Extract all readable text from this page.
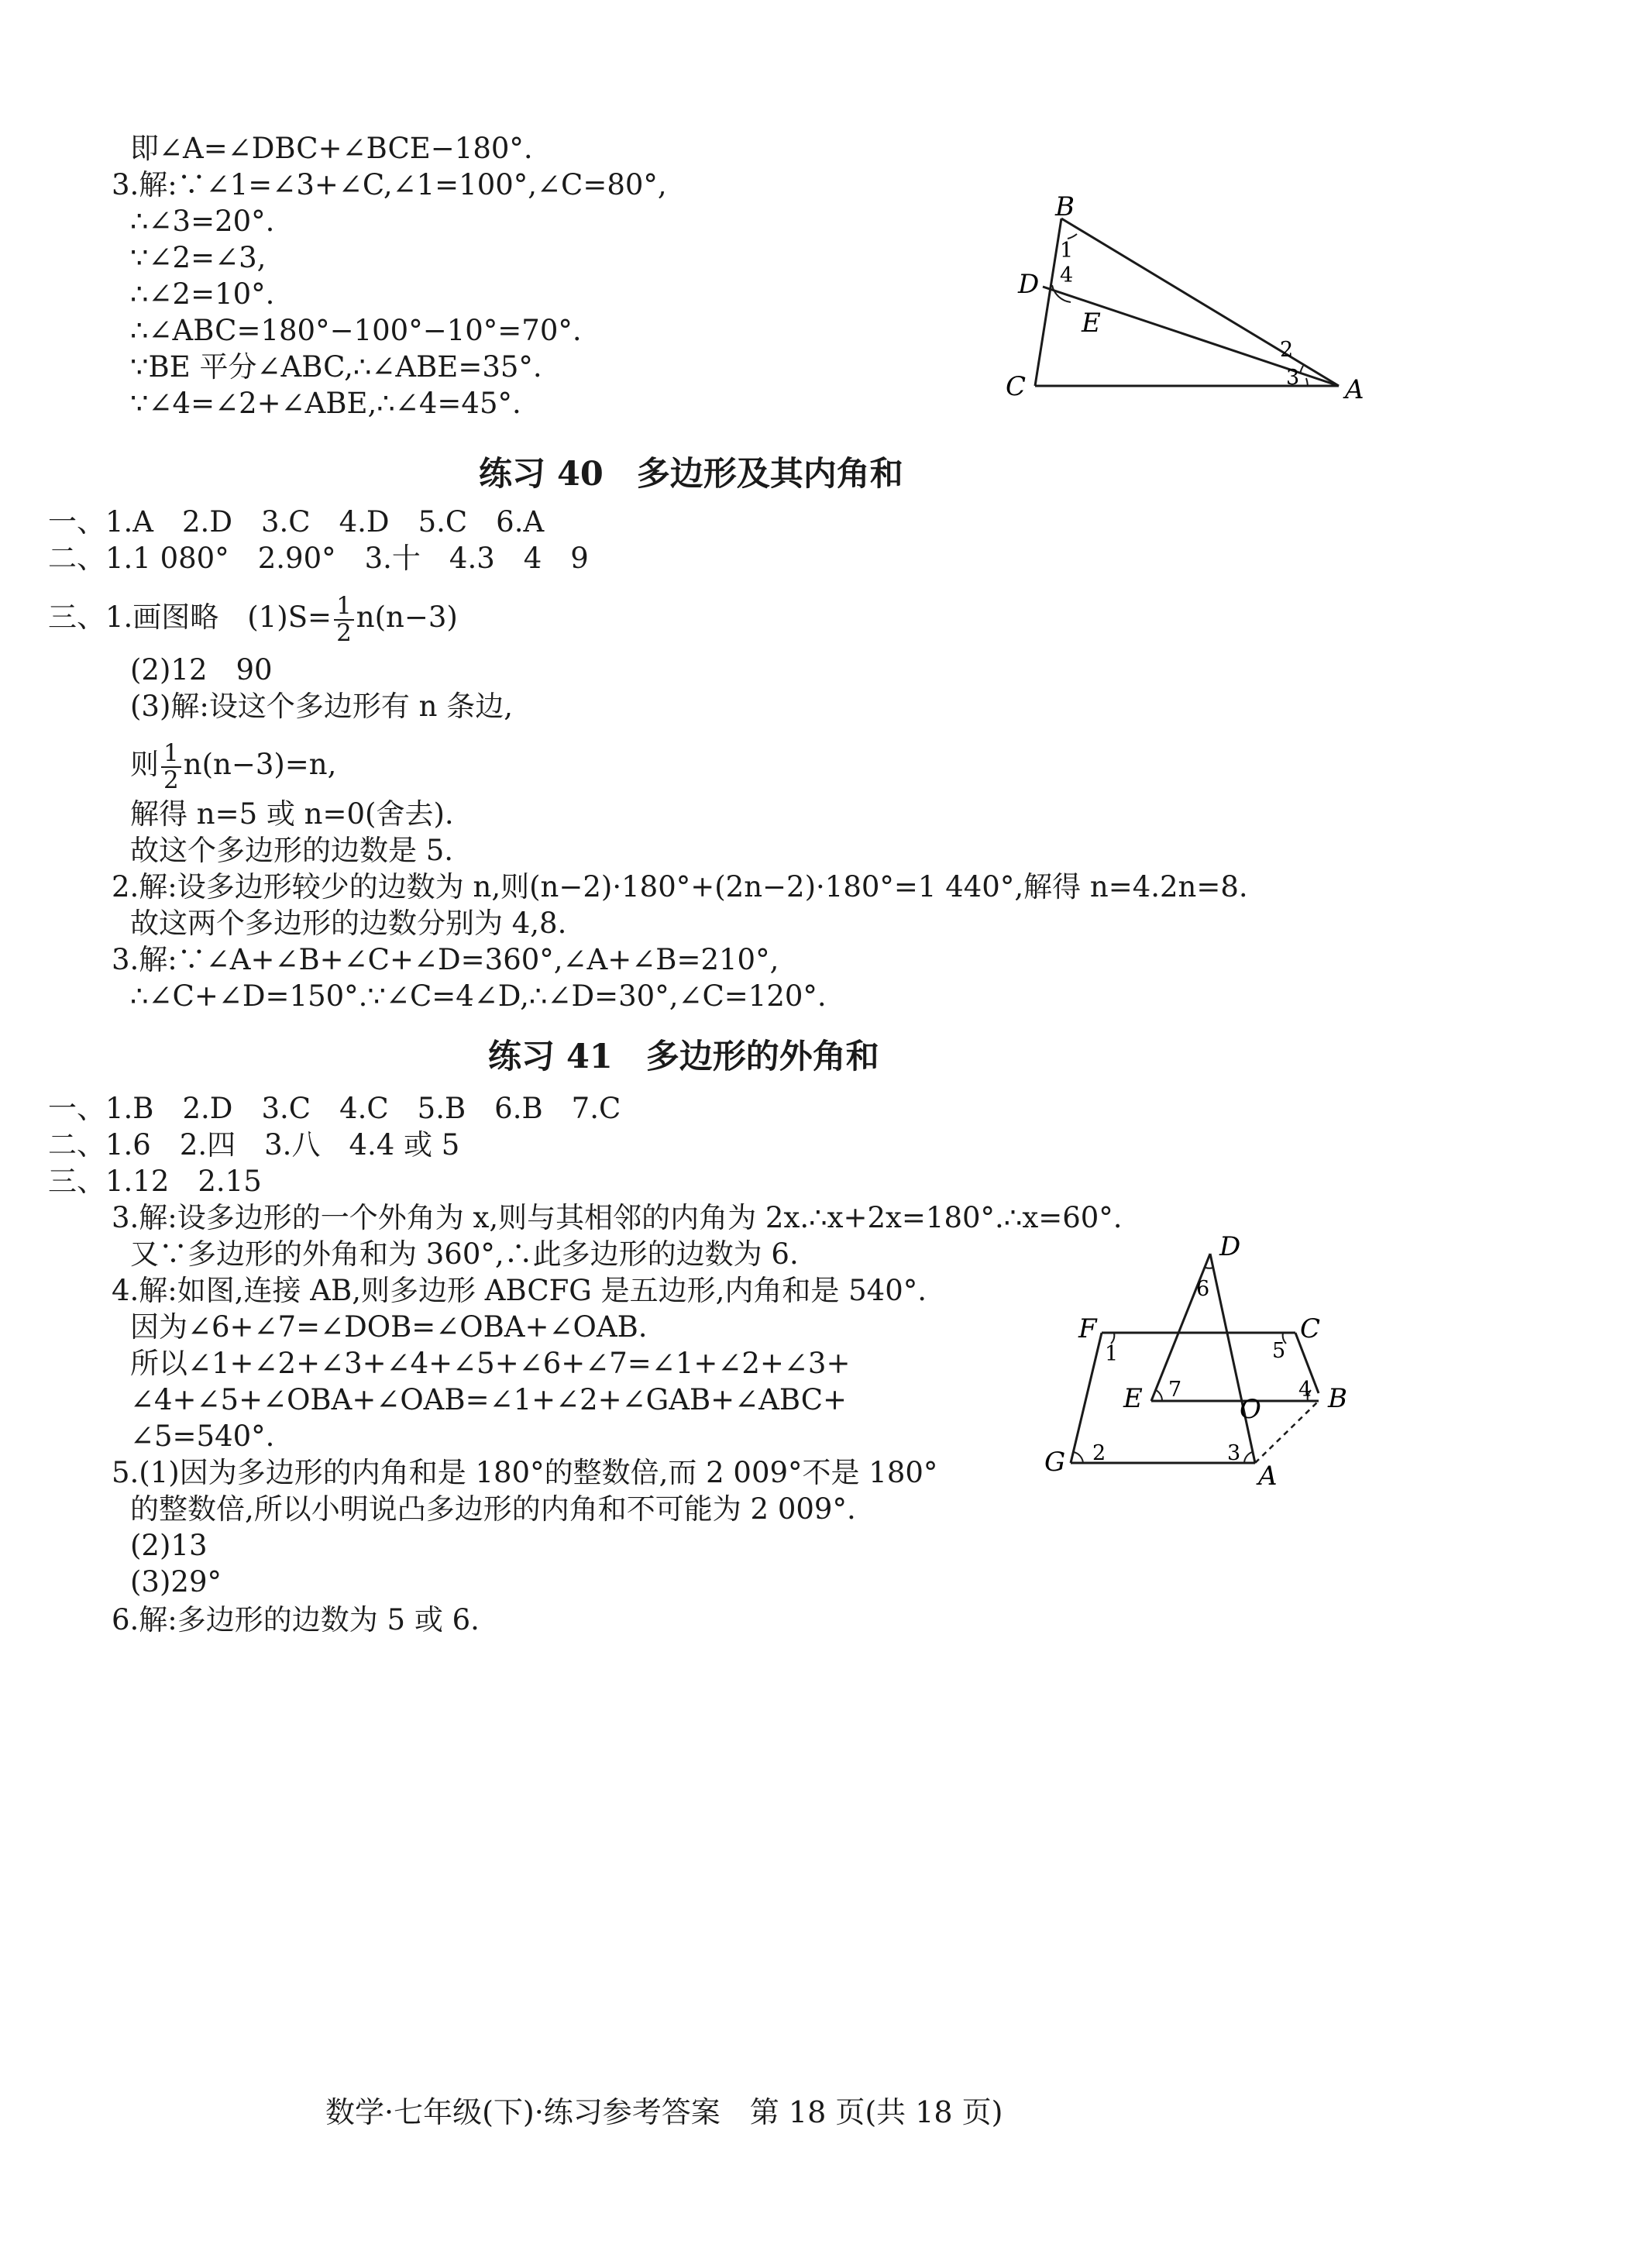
即∠A=∠DBC+∠BCE−180°.
3.解:∵∠1=∠3+∠C,∠1=100°,∠C=80°,
∴∠3=20°.
∵∠2=∠3,
∴∠2=10°.
∴∠ABC=180°−100°−10°=70°.
∵BE 平分∠ABC,∴∠ABE=35°.
∵∠4=∠2+∠ABE,∴∠4=45°.
B
D
E
C	A
1
4
2
3
练习 40　多边形及其内角和
一、1.A　2.D　3.C　4.D　5.C　6.A
二、1.1 080°　2.90°　3.十　4.3　4　9
三、1.画图略　$(1)S= \frac{1}{2} n(n-3)$
(2)12　90
(3)解:设这个多边形有 n 条边,
则 $\frac{1}{2} n(n-3)=n$,
解得 n=5 或 n=0(舍去).
故这个多边形的边数是 5.
2.解:设多边形较少的边数为 n,则(n−2)·180°+(2n−2)·180°=1 440°,解得 n=4.2n=8.
故这两个多边形的边数分别为 4,8.
3.解:∵∠A+∠B+∠C+∠D=360°,∠A+∠B=210°,
∴∠C+∠D=150°.∵∠C=4∠D,∴∠D=30°,∠C=120°.
练习 41　多边形的外角和
一、1.B　2.D　3.C　4.C　5.B　6.B　7.C
二、1.6　2.四　3.八　4.4 或 5
三、1.12　2.15
3.解:设多边形的一个外角为 x,则与其相邻的内角为 2x.∴x+2x=180°.∴x=60°.
又∵多边形的外角和为 360°,∴此多边形的边数为 6.
4.解:如图,连接 AB,则多边形 ABCFG 是五边形,内角和是 540°.
因为∠6+∠7=∠DOB=∠OBA+∠OAB.
所以∠1+∠2+∠3+∠4+∠5+∠6+∠7=∠1+∠2+∠3+
∠4+∠5+∠OBA+∠OAB=∠1+∠2+∠GAB+∠ABC+
∠5=540°.
5.(1)因为多边形的内角和是 180°的整数倍,而 2 009°不是 180°
的整数倍,所以小明说凸多边形的内角和不可能为 2 009°.
(2)13
(3)29°
6.解:多边形的边数为 5 或 6.
D
F	C
E	O	B
G	A
6
1	5
7	4
2	3
数学·七年级(下)·练习参考答案　第 18 页(共 18 页)
